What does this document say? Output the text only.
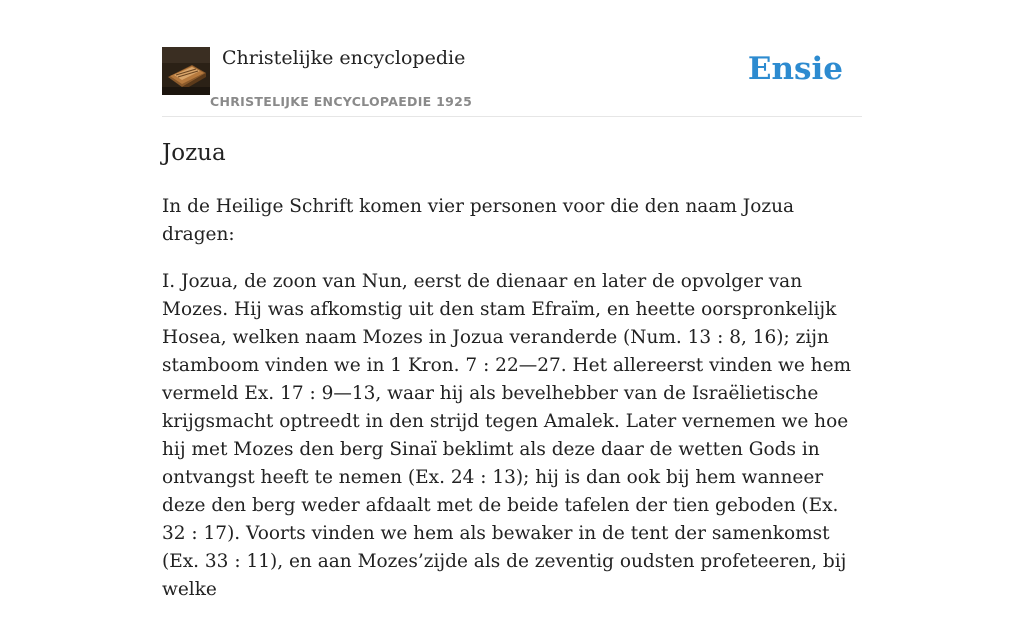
Christelijke encyclopedie
CHRISTELIJKE ENCYCLOPAEDIE 1925
Ensie
Jozua

In de Heilige Schrift komen vier personen voor die den naam Jozua dragen:

I. Jozua, de zoon van Nun, eerst de dienaar en later de opvolger van Mozes. Hij was afkomstig uit den stam Efraïm, en heette oorspronkelijk Hosea, welken naam Mozes in Jozua veranderde (Num. 13 : 8, 16); zijn stamboom vinden we in 1 Kron. 7 : 22—27. Het allereerst vinden we hem vermeld Ex. 17 : 9—13, waar hij als bevelhebber van de Israëlietische krijgsmacht optreedt in den strijd tegen Amalek. Later vernemen we hoe hij met Mozes den berg Sinaï beklimt als deze daar de wetten Gods in ontvangst heeft te nemen (Ex. 24 : 13); hij is dan ook bij hem wanneer deze den berg weder afdaalt met de beide tafelen der tien geboden (Ex. 32 : 17). Voorts vinden we hem als bewaker in de tent der samenkomst (Ex. 33 : 11), en aan Mozes’zijde als de zeventig oudsten profeteeren, bij welke
